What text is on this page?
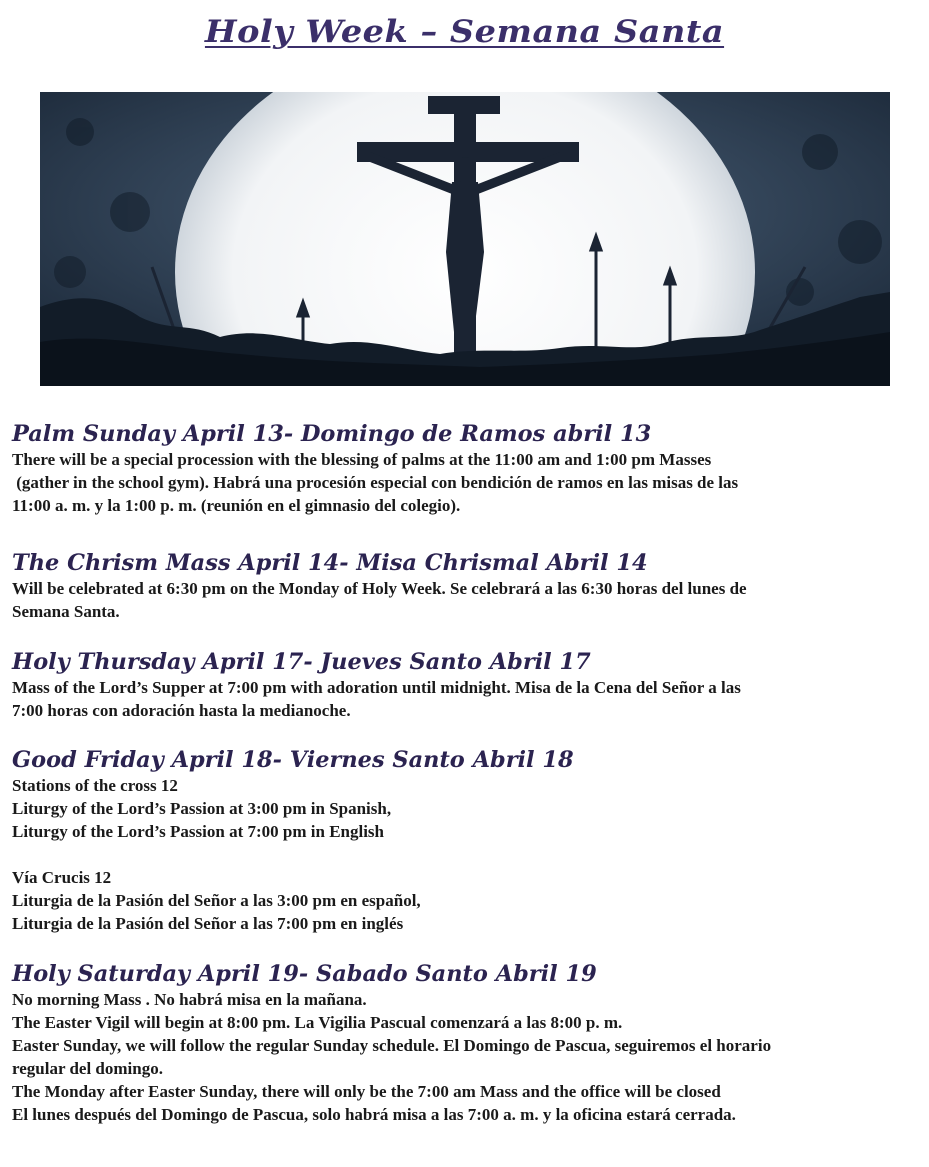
Holy Week – Semana Santa
Palm Sunday April 13- Domingo de Ramos abril 13

There will be a special procession with the blessing of palms at the 11:00 am and 1:00 pm Masses

(gather in the school gym). Habrá una procesión especial con bendición de ramos en las misas de las

11:00 a. m. y la 1:00 p. m. (reunión en el gimnasio del colegio).

The Chrism Mass April 14- Misa Chrismal Abril 14

Will be celebrated at 6:30 pm on the Monday of Holy Week. Se celebrará a las 6:30 horas del lunes de

Semana Santa.

Holy Thursday April 17- Jueves Santo Abril 17

Mass of the Lord’s Supper at 7:00 pm with adoration until midnight. Misa de la Cena del Señor a las

7:00 horas con adoración hasta la medianoche.

Good Friday April 18- Viernes Santo Abril 18

Stations of the cross 12

Liturgy of the Lord’s Passion at 3:00 pm in Spanish,

Liturgy of the Lord’s Passion at 7:00 pm in English

Vía Crucis 12

Liturgia de la Pasión del Señor a las 3:00 pm en español,

Liturgia de la Pasión del Señor a las 7:00 pm en inglés

Holy Saturday April 19- Sabado Santo Abril 19

No morning Mass . No habrá misa en la mañana.

The Easter Vigil will begin at 8:00 pm. La Vigilia Pascual comenzará a las 8:00 p. m.

Easter Sunday, we will follow the regular Sunday schedule. El Domingo de Pascua, seguiremos el horario

regular del domingo.

The Monday after Easter Sunday, there will only be the 7:00 am Mass and the office will be closed

El lunes después del Domingo de Pascua, solo habrá misa a las 7:00 a. m. y la oficina estará cerrada.
